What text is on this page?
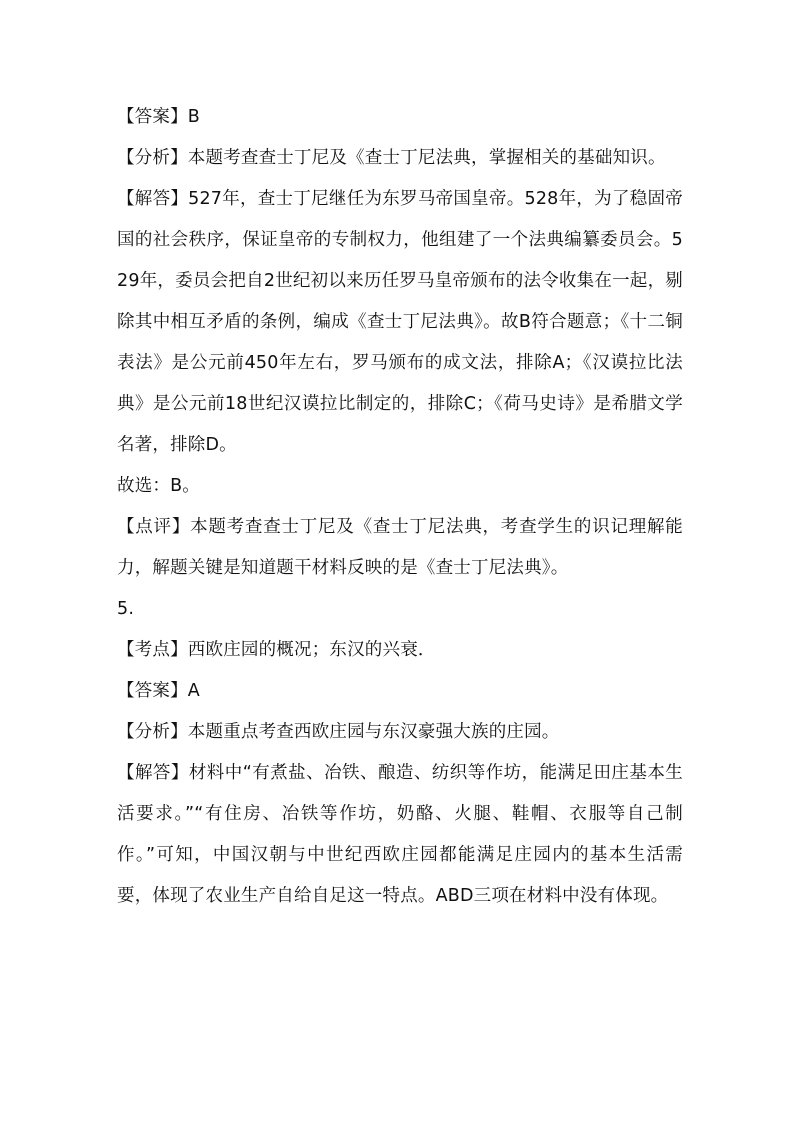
【答案】B

【分析】本题考查查士丁尼及《查士丁尼法典，掌握相关的基础知识。

【解答】527年，查士丁尼继任为东罗马帝国皇帝。528年，为了稳固帝国的社会秩序，保证皇帝的专制权力，他组建了一个法典编纂委员会。529年，委员会把自2世纪初以来历任罗马皇帝颁布的法令收集在一起，剔除其中相互矛盾的条例，编成《查士丁尼法典》。故B符合题意；《十二铜表法》是公元前450年左右，罗马颁布的成文法，排除A；《汉谟拉比法典》是公元前18世纪汉谟拉比制定的，排除C；《荷马史诗》是希腊文学名著，排除D。

故选：B。

【点评】本题考查查士丁尼及《查士丁尼法典，考查学生的识记理解能力，解题关键是知道题干材料反映的是《查士丁尼法典》。

5.

【考点】西欧庄园的概况；东汉的兴衰．

【答案】A

【分析】本题重点考查西欧庄园与东汉豪强大族的庄园。

【解答】材料中“有煮盐、冶铁、酿造、纺织等作坊，能满足田庄基本生活要求。”“有住房、冶铁等作坊，奶酪、火腿、鞋帽、衣服等自己制作。”可知，中国汉朝与中世纪西欧庄园都能满足庄园内的基本生活需要，体现了农业生产自给自足这一特点。ABD三项在材料中没有体现。
